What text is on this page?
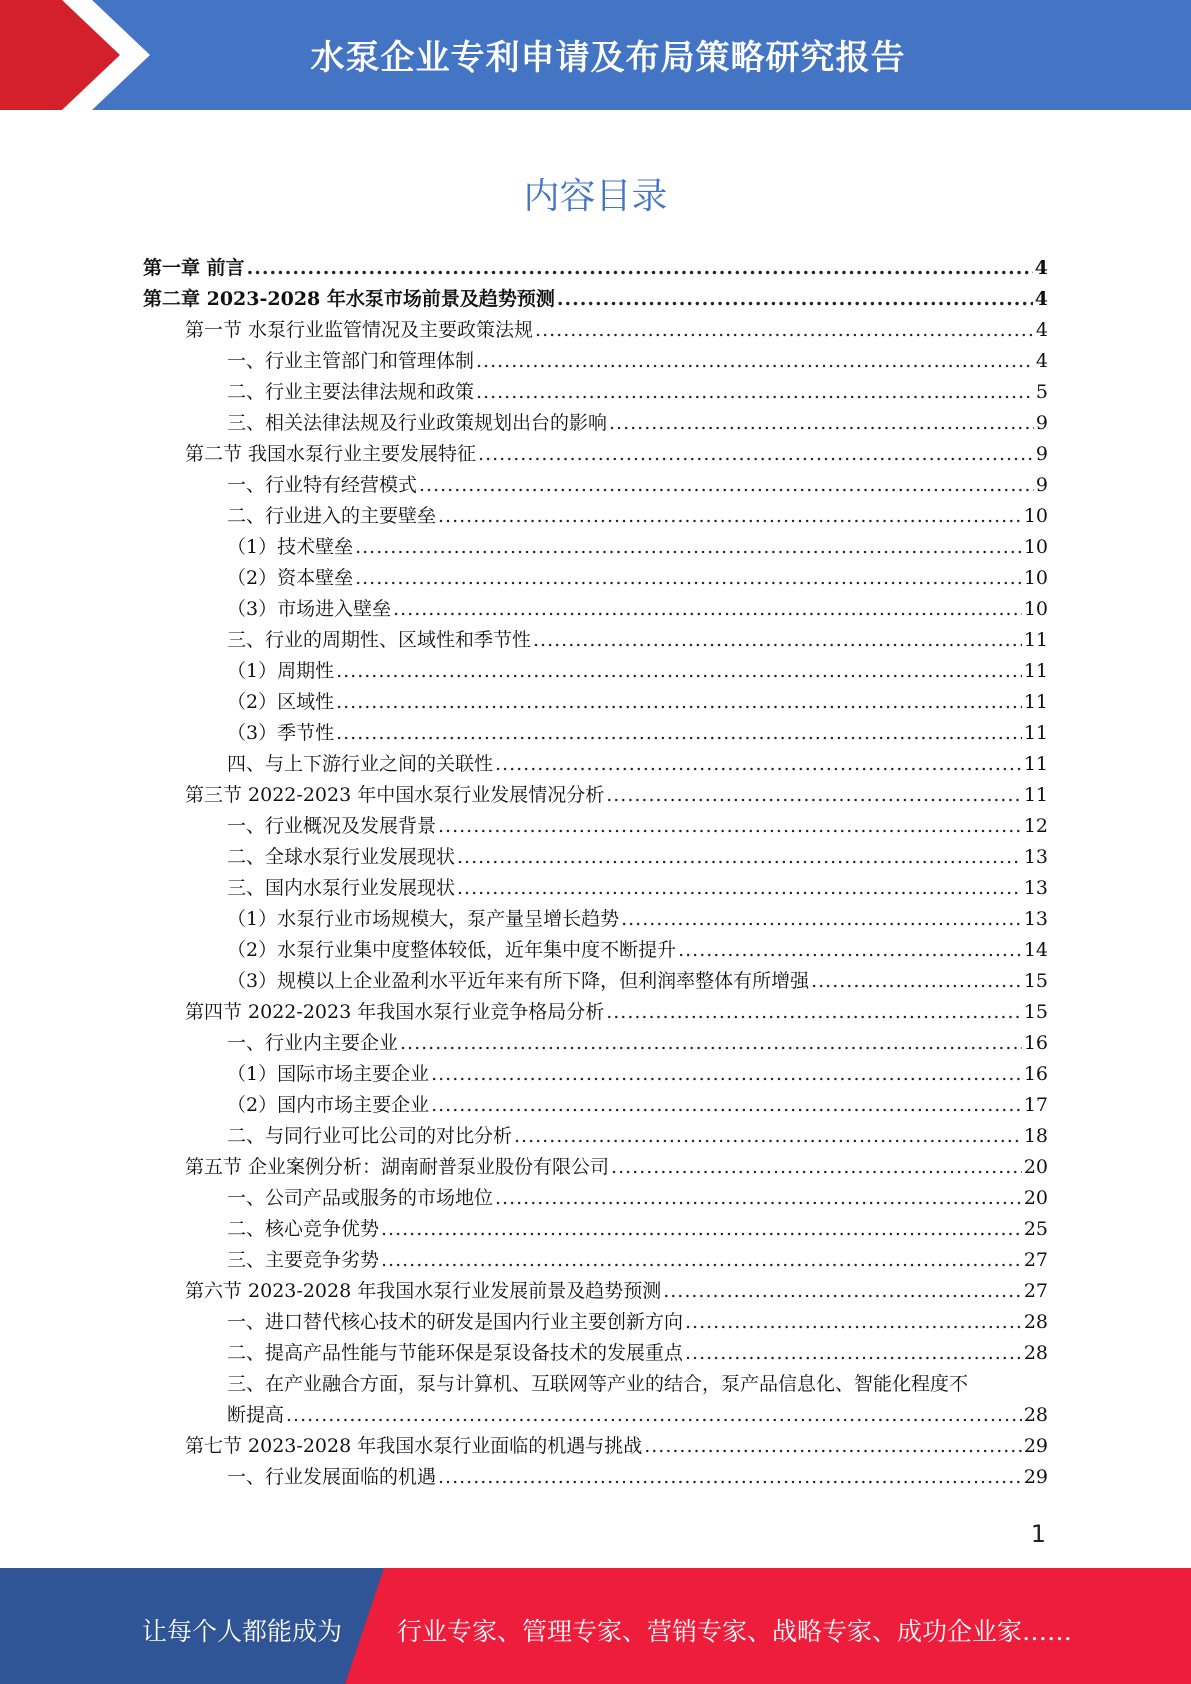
水泵企业专利申请及布局策略研究报告
内容目录
第一章 前言 .....	4
第二章 2023-2028 年水泵市场前景及趋势预测 .....	4
第一节 水泵行业监管情况及主要政策法规 .....	4
一、行业主管部门和管理体制 .....	4
二、行业主要法律法规和政策 .....	5
三、相关法律法规及行业政策规划出台的影响 .....	9
第二节 我国水泵行业主要发展特征 .....	9
一、行业特有经营模式 .....	9
二、行业进入的主要壁垒 .....	10
（1）技术壁垒 .....	10
（2）资本壁垒 .....	10
（3）市场进入壁垒 .....	10
三、行业的周期性、区域性和季节性 .....	11
（1）周期性 .....	11
（2）区域性 .....	11
（3）季节性 .....	11
四、与上下游行业之间的关联性 .....	11
第三节 2022-2023 年中国水泵行业发展情况分析 .....	11
一、行业概况及发展背景 .....	12
二、全球水泵行业发展现状 .....	13
三、国内水泵行业发展现状 .....	13
（1）水泵行业市场规模大，泵产量呈增长趋势 .....	13
（2）水泵行业集中度整体较低，近年集中度不断提升 .....	14
（3）规模以上企业盈利水平近年来有所下降，但利润率整体有所增强 .....	15
第四节 2022-2023 年我国水泵行业竞争格局分析 .....	15
一、行业内主要企业 .....	16
（1）国际市场主要企业 .....	16
（2）国内市场主要企业 .....	17
二、与同行业可比公司的对比分析 .....	18
第五节 企业案例分析：湖南耐普泵业股份有限公司 .....	20
一、公司产品或服务的市场地位 .....	20
二、核心竞争优势 .....	25
三、主要竞争劣势 .....	27
第六节 2023-2028 年我国水泵行业发展前景及趋势预测 .....	27
一、进口替代核心技术的研发是国内行业主要创新方向 .....	28
二、提高产品性能与节能环保是泵设备技术的发展重点 .....	28
三、在产业融合方面，泵与计算机、互联网等产业的结合，泵产品信息化、智能化程度不
断提高 .....	28
第七节 2023-2028 年我国水泵行业面临的机遇与挑战 .....	29
一、行业发展面临的机遇 .....	29
1
让每个人都能成为 行业专家、管理专家、营销专家、战略专家、成功企业家……
